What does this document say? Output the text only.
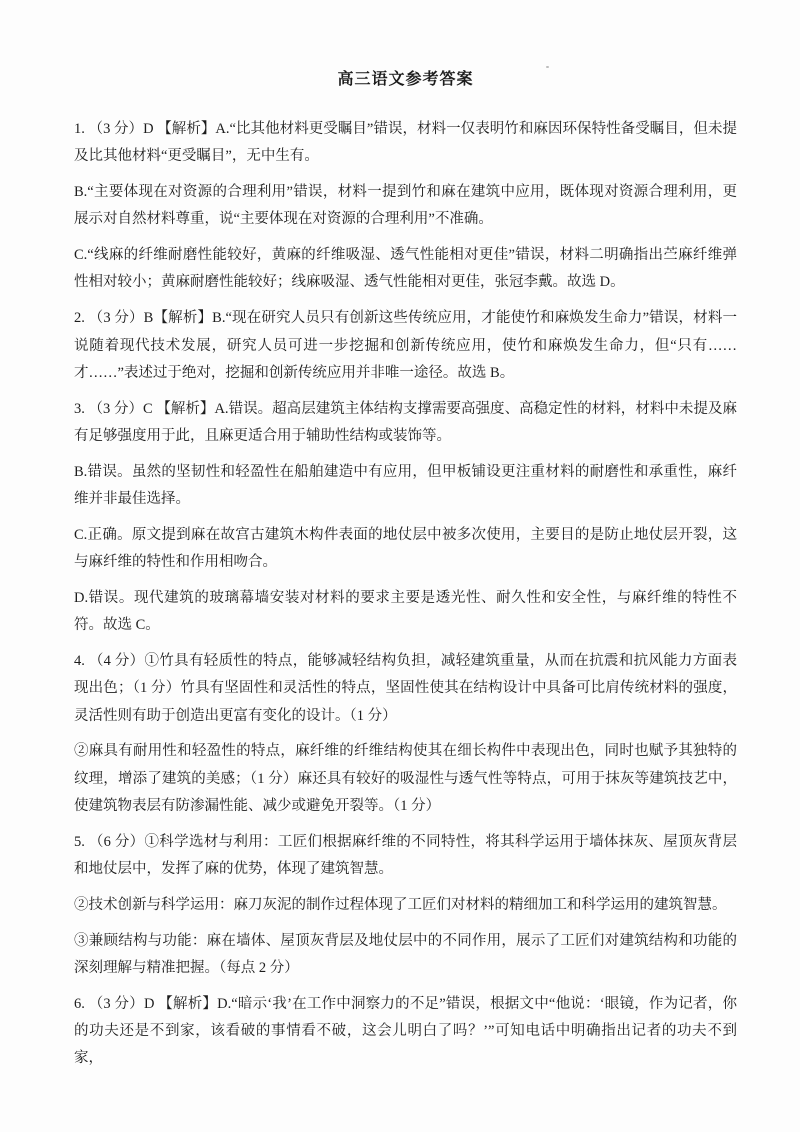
高三语文参考答案

1. （3 分）D 【解析】A.“比其他材料更受瞩目”错误，材料一仅表明竹和麻因环保特性备受瞩目，但未提及比其他材料“更受瞩目”，无中生有。

B.“主要体现在对资源的合理利用”错误，材料一提到竹和麻在建筑中应用，既体现对资源合理利用，更展示对自然材料尊重，说“主要体现在对资源的合理利用”不准确。

C.“线麻的纤维耐磨性能较好，黄麻的纤维吸湿、透气性能相对更佳”错误，材料二明确指出苎麻纤维弹性相对较小；黄麻耐磨性能较好；线麻吸湿、透气性能相对更佳，张冠李戴。故选 D。

2. （3 分）B【解析】B.“现在研究人员只有创新这些传统应用，才能使竹和麻焕发生命力”错误，材料一说随着现代技术发展，研究人员可进一步挖掘和创新传统应用，使竹和麻焕发生命力，但“只有……才……”表述过于绝对，挖掘和创新传统应用并非唯一途径。故选 B。

3. （3 分）C 【解析】A.错误。超高层建筑主体结构支撑需要高强度、高稳定性的材料，材料中未提及麻有足够强度用于此，且麻更适合用于辅助性结构或装饰等。

B.错误。虽然的坚韧性和轻盈性在船舶建造中有应用，但甲板铺设更注重材料的耐磨性和承重性，麻纤维并非最佳选择。

C.正确。原文提到麻在故宫古建筑木构件表面的地仗层中被多次使用，主要目的是防止地仗层开裂，这与麻纤维的特性和作用相吻合。

D.错误。现代建筑的玻璃幕墙安装对材料的要求主要是透光性、耐久性和安全性，与麻纤维的特性不符。故选 C。

4. （4 分）①竹具有轻质性的特点，能够减轻结构负担，减轻建筑重量，从而在抗震和抗风能力方面表现出色；（1 分）竹具有坚固性和灵活性的特点，坚固性使其在结构设计中具备可比肩传统材料的强度，灵活性则有助于创造出更富有变化的设计。（1 分）

②麻具有耐用性和轻盈性的特点，麻纤维的纤维结构使其在细长构件中表现出色，同时也赋予其独特的纹理，增添了建筑的美感；（1 分）麻还具有较好的吸湿性与透气性等特点，可用于抹灰等建筑技艺中，使建筑物表层有防渗漏性能、减少或避免开裂等。（1 分）

5. （6 分）①科学选材与利用：工匠们根据麻纤维的不同特性，将其科学运用于墙体抹灰、屋顶灰背层和地仗层中，发挥了麻的优势，体现了建筑智慧。

②技术创新与科学运用：麻刀灰泥的制作过程体现了工匠们对材料的精细加工和科学运用的建筑智慧。

③兼顾结构与功能：麻在墙体、屋顶灰背层及地仗层中的不同作用，展示了工匠们对建筑结构和功能的深刻理解与精准把握。（每点 2 分）

6. （3 分）D 【解析】D.“暗示‘我’在工作中洞察力的不足”错误，根据文中“他说：‘眼镜，作为记者，你的功夫还是不到家，该看破的事情看不破，这会儿明白了吗？’”可知电话中明确指出记者的功夫不到家，
